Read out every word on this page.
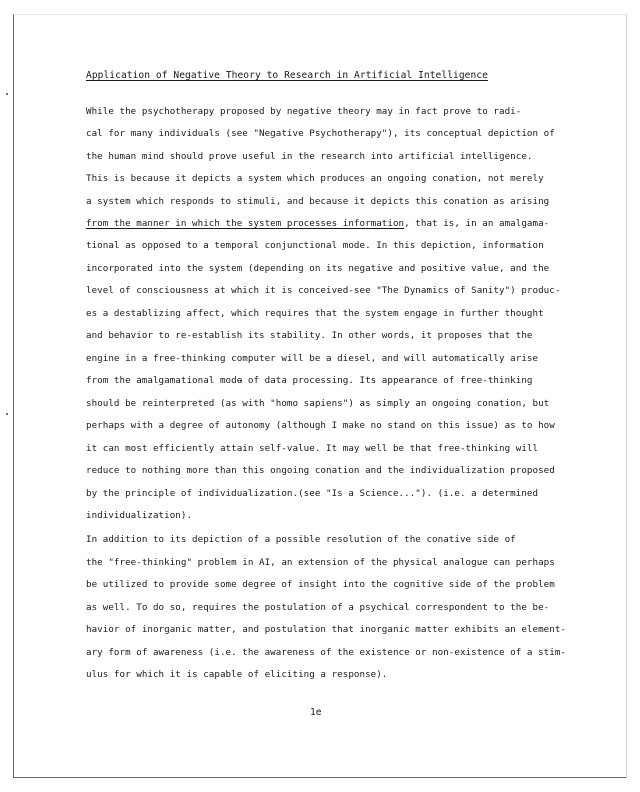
Application of Negative Theory to Research in Artificial Intelligence
While the psychotherapy proposed by negative theory may in fact prove to radi-
cal for many individuals (see "Negative Psychotherapy"), its conceptual depiction of
the human mind should prove useful in the research into artificial intelligence.
This is because it depicts a system which produces an ongoing conation, not merely
a system which responds to stimuli, and because it depicts this conation as arising
from the manner in which the system processes information, that is, in an amalgama-
tional as opposed to a temporal conjunctional mode. In this depiction, information
incorporated into the system (depending on its negative and positive value, and the
level of consciousness at which it is conceived-see "The Dynamics of Sanity") produc-
es a destablizing affect, which requires that the system engage in further thought
and behavior to re-establish its stability. In other words, it proposes that the
engine in a free-thinking computer will be a diesel, and will automatically arise
from the amalgamational mode of data processing. Its appearance of free-thinking
should be reinterpreted (as with "homo sapiens") as simply an ongoing conation, but
perhaps with a degree of autonomy (although I make no stand on this issue) as to how
it can most efficiently attain self-value. It may well be that free-thinking will
reduce to nothing more than this ongoing conation and the individualization proposed
by the principle of individualization.(see "Is a Science..."). (i.e. a determined
individualization).
In addition to its depiction of a possible resolution of the conative side of
the "free-thinking" problem in AI, an extension of the physical analogue can perhaps
be utilized to provide some degree of insight into the cognitive side of the problem
as well. To do so, requires the postulation of a psychical correspondent to the be-
havior of inorganic matter, and postulation that inorganic matter exhibits an element-
ary form of awareness (i.e. the awareness of the existence or non-existence of a stim-
ulus for which it is capable of eliciting a response).
1e
